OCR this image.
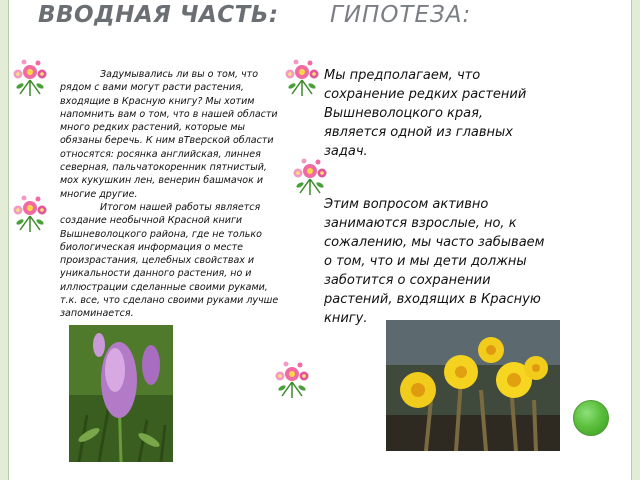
ВВОДНАЯ ЧАСТЬ: ГИПОТЕЗА:

Задумывались ли вы о том, что рядом с вами могут расти растения, входящие в Красную книгу? Мы хотим напомнить вам о том, что в нашей области много редких растений, которые мы обязаны беречь. К ним вТверской области относятся: росянка английская, линнея северная, пальчатокоренник пятнистый, мох кукушкин лен, венерин башмачок и многие другие.

Итогом нашей работы является создание необычной Красной книги Вышневолоцкого района, где не только биологическая информация о месте произрастания, целебных свойствах и уникальности данного растения, но и иллюстрации сделанные своими руками, т.к. все, что сделано своими руками лучше запоминается.

Мы предполагаем, что сохранение редких растений Вышневолоцкого края, является одной из главных задач.

Этим вопросом активно занимаются взрослые, но, к сожалению, мы часто забываем о том, что и мы дети должны заботится о сохранении растений, входящих в Красную книгу.
